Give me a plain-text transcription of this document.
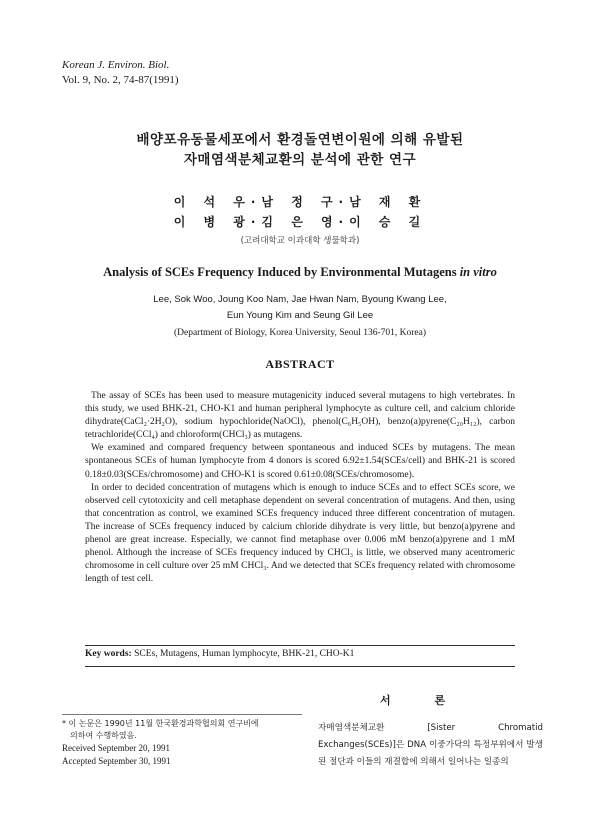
Korean J. Environ. Biol.
Vol. 9, No. 2, 74-87(1991)
배양포유동물세포에서 환경돌연변이원에 의해 유발된
자매염색분체교환의 분석에 관한 연구
이 석 우·남 정 구·남 재 환
이 병 광·김 은 영·이 승 길
(고려대학교 이과대학 생물학과)
Analysis of SCEs Frequency Induced by Environmental Mutagens in vitro
Lee, Sok Woo, Joung Koo Nam, Jae Hwan Nam, Byoung Kwang Lee,
Eun Young Kim and Seung Gil Lee
(Department of Biology, Korea University, Seoul 136-701, Korea)
ABSTRACT

The assay of SCEs has been used to measure mutagenicity induced several mutagens to high vertebrates. In this study, we used BHK-21, CHO-K1 and human peripheral lymphocyte as culture cell, and calcium chloride dihydrate(CaCl₂·2H₂O), sodium hypochloride(NaOCl), phenol(C₆H₅OH), benzo(a)pyrene(C₂₀H₁₂), carbon tetrachloride(CCl₄) and chloroform(CHCl₃) as mutagens.

We examined and compared frequency between spontaneous and induced SCEs by mutagens. The mean spontaneous SCEs of human lymphocyte from 4 donors is scored 6.92±1.54(SCEs/cell) and BHK-21 is scored 0.18±0.03(SCEs/chromosome) and CHO-K1 is scored 0.61±0.08(SCEs/chromosome).

In order to decided concentration of mutagens which is enough to induce SCEs and to effect SCEs score, we observed cell cytotoxicity and cell metaphase dependent on several concentration of mutagens. And then, using that concentration as control, we examined SCEs frequency induced three different concentration of mutagen. The increase of SCEs frequency induced by calcium chloride dihydrate is very little, but benzo(a)pyrene and phenol are great increase. Especially, we cannot find metaphase over 0.006 mM benzo(a)pyrene and 1 mM phenol. Although the increase of SCEs frequency induced by CHCl₃ is little, we observed many acentromeric chromosome in cell culture over 25 mM CHCl₃. And we detected that SCEs frequency related with chromosome length of test cell.

Key words: SCEs, Mutagens, Human lymphocyte, BHK-21, CHO-K1
서 론
* 이 논문은 1990년 11월 한국환경과학협의회 연구비에
의하여 수행하였음.
Received September 20, 1991
Accepted September 30, 1991
자매염색분체교환 [Sister Chromatid Exchanges(SCEs)]은 DNA 이중가닥의 특정부위에서 발생된 절단과 이들의 재결합에 의해서 일어나는 일종의
